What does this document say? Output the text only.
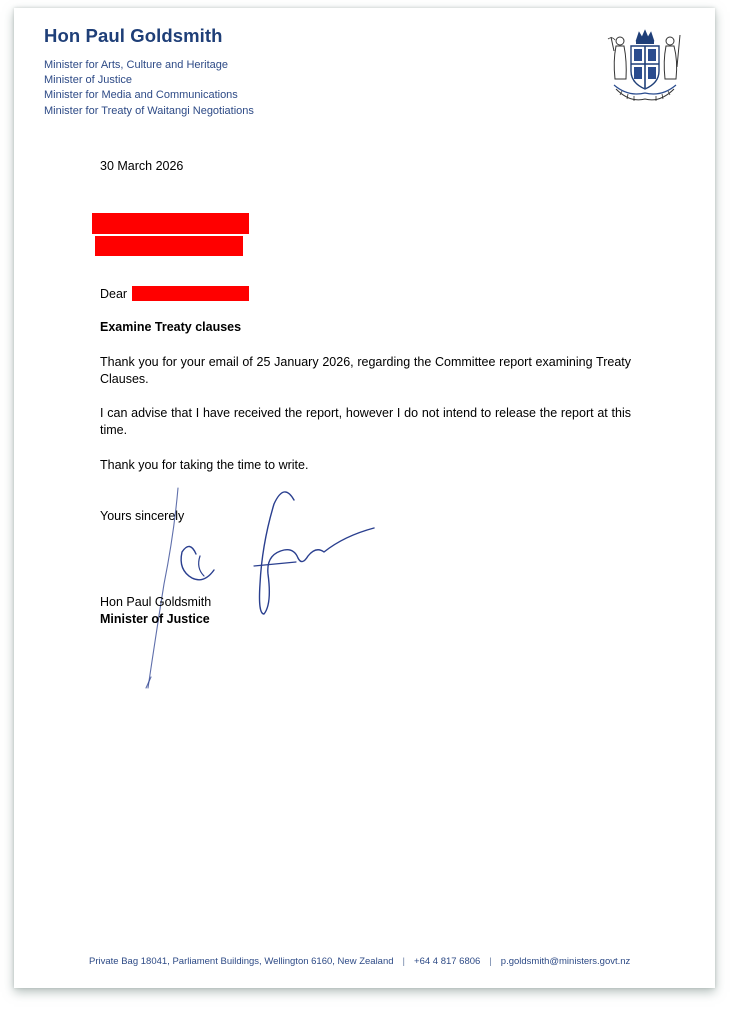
Hon Paul Goldsmith
Minister for Arts, Culture and Heritage
Minister of Justice
Minister for Media and Communications
Minister for Treaty of Waitangi Negotiations

30 March 2026

Dear

Examine Treaty clauses

Thank you for your email of 25 January 2026, regarding the Committee report examining Treaty Clauses.

I can advise that I have received the report, however I do not intend to release the report at this time.

Thank you for taking the time to write.

Yours sincerely

Hon Paul Goldsmith

Minister of Justice

Private Bag 18041, Parliament Buildings, Wellington 6160, New Zealand | +64 4 817 6806 | p.goldsmith@ministers.govt.nz
